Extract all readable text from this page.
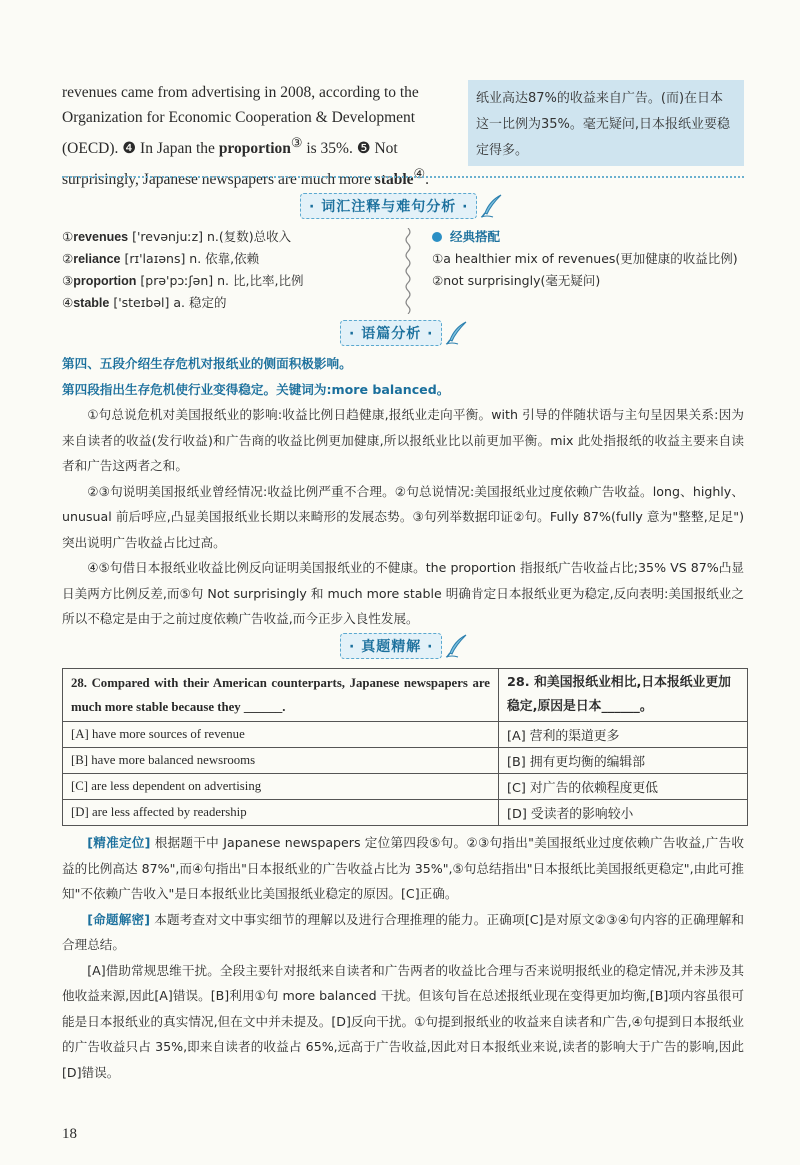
revenues came from advertising in 2008, according to the
Organization for Economic Cooperation & Development
(OECD). ❹ In Japan the proportion③ is 35%. ❺ Not
surprisingly, Japanese newspapers are much more stable④.
纸业高达87%的收益来自广告。(而)在日本这一比例为35%。毫无疑问,日本报纸业要稳定得多。
· 词汇注释与难句分析 ·
①revenues ['revənjuːz] n.(复数)总收入
②reliance [rɪ'laɪəns] n. 依靠,依赖
③proportion [prə'pɔːʃən] n. 比,比率,比例
④stable ['steɪbəl] a. 稳定的
经典搭配
①a healthier mix of revenues(更加健康的收益比例)
②not surprisingly(毫无疑问)
· 语篇分析 ·

第四、五段介绍生存危机对报纸业的侧面积极影响。

第四段指出生存危机使行业变得稳定。关键词为:more balanced。

①句总说危机对美国报纸业的影响:收益比例日趋健康,报纸业走向平衡。with 引导的伴随状语与主句呈因果关系:因为来自读者的收益(发行收益)和广告商的收益比例更加健康,所以报纸业比以前更加平衡。mix 此处指报纸的收益主要来自读者和广告这两者之和。

②③句说明美国报纸业曾经情况:收益比例严重不合理。②句总说情况:美国报纸业过度依赖广告收益。long、highly、unusual 前后呼应,凸显美国报纸业长期以来畸形的发展态势。③句列举数据印证②句。Fully 87%(fully 意为"整整,足足")突出说明广告收益占比过高。

④⑤句借日本报纸业收益比例反向证明美国报纸业的不健康。the proportion 指报纸广告收益占比;35% VS 87%凸显日美两方比例反差,而⑤句 Not surprisingly 和 much more stable 明确肯定日本报纸业更为稳定,反向表明:美国报纸业之所以不稳定是由于之前过度依赖广告收益,而今正步入良性发展。

· 真题精解 ·
28. Compared with their American counterparts, Japanese newspapers are much more stable because they ______.	28. 和美国报纸业相比,日本报纸业更加稳定,原因是日本______。
[A] have more sources of revenue	[A] 营利的渠道更多
[B] have more balanced newsrooms	[B] 拥有更均衡的编辑部
[C] are less dependent on advertising	[C] 对广告的依赖程度更低
[D] are less affected by readership	[D] 受读者的影响较小

[精准定位] 根据题干中 Japanese newspapers 定位第四段⑤句。②③句指出"美国报纸业过度依赖广告收益,广告收益的比例高达 87%",而④句指出"日本报纸业的广告收益占比为 35%",⑤句总结指出"日本报纸比美国报纸更稳定",由此可推知"不依赖广告收入"是日本报纸业比美国报纸业稳定的原因。[C]正确。

[命题解密] 本题考查对文中事实细节的理解以及进行合理推理的能力。正确项[C]是对原文②③④句内容的正确理解和合理总结。

[A]借助常规思维干扰。全段主要针对报纸来自读者和广告两者的收益比合理与否来说明报纸业的稳定情况,并未涉及其他收益来源,因此[A]错误。[B]利用①句 more balanced 干扰。但该句旨在总述报纸业现在变得更加均衡,[B]项内容虽很可能是日本报纸业的真实情况,但在文中并未提及。[D]反向干扰。①句提到报纸业的收益来自读者和广告,④句提到日本报纸业的广告收益只占 35%,即来自读者的收益占 65%,远高于广告收益,因此对日本报纸业来说,读者的影响大于广告的影响,因此[D]错误。

18
